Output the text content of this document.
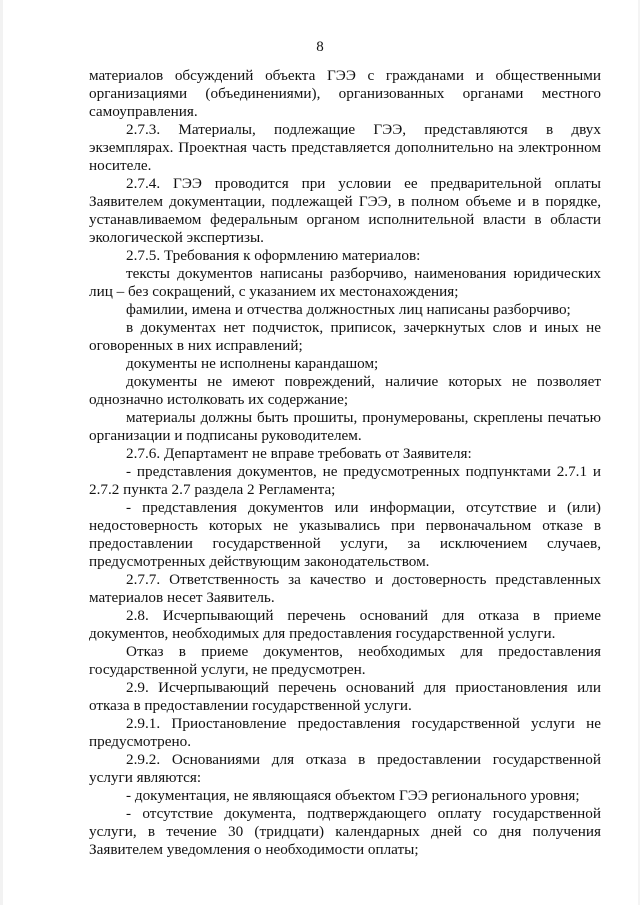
8

материалов обсуждений объекта ГЭЭ с гражданами и общественными организациями (объединениями), организованных органами местного самоуправления.

2.7.3. Материалы, подлежащие ГЭЭ, представляются в двух экземплярах. Проектная часть представляется дополнительно на электронном носителе.

2.7.4. ГЭЭ проводится при условии ее предварительной оплаты Заявителем документации, подлежащей ГЭЭ, в полном объеме и в порядке, устанавливаемом федеральным органом исполнительной власти в области экологической экспертизы.

2.7.5. Требования к оформлению материалов:

тексты документов написаны разборчиво, наименования юридических лиц – без сокращений, с указанием их местонахождения;

фамилии, имена и отчества должностных лиц написаны разборчиво;

в документах нет подчисток, приписок, зачеркнутых слов и иных не оговоренных в них исправлений;

документы не исполнены карандашом;

документы не имеют повреждений, наличие которых не позволяет однозначно истолковать их содержание;

материалы должны быть прошиты, пронумерованы, скреплены печатью организации и подписаны руководителем.

2.7.6. Департамент не вправе требовать от Заявителя:

- представления документов, не предусмотренных подпунктами 2.7.1 и 2.7.2 пункта 2.7 раздела 2 Регламента;

- представления документов или информации, отсутствие и (или) недостоверность которых не указывались при первоначальном отказе в предоставлении государственной услуги, за исключением случаев, предусмотренных действующим законодательством.

2.7.7. Ответственность за качество и достоверность представленных материалов несет Заявитель.

2.8. Исчерпывающий перечень оснований для отказа в приеме документов, необходимых для предоставления государственной услуги.

Отказ в приеме документов, необходимых для предоставления государственной услуги, не предусмотрен.

2.9. Исчерпывающий перечень оснований для приостановления или отказа в предоставлении государственной услуги.

2.9.1. Приостановление предоставления государственной услуги не предусмотрено.

2.9.2. Основаниями для отказа в предоставлении государственной услуги являются:

- документация, не являющаяся объектом ГЭЭ регионального уровня;

- отсутствие документа, подтверждающего оплату государственной услуги, в течение 30 (тридцати) календарных дней со дня получения Заявителем уведомления о необходимости оплаты;
